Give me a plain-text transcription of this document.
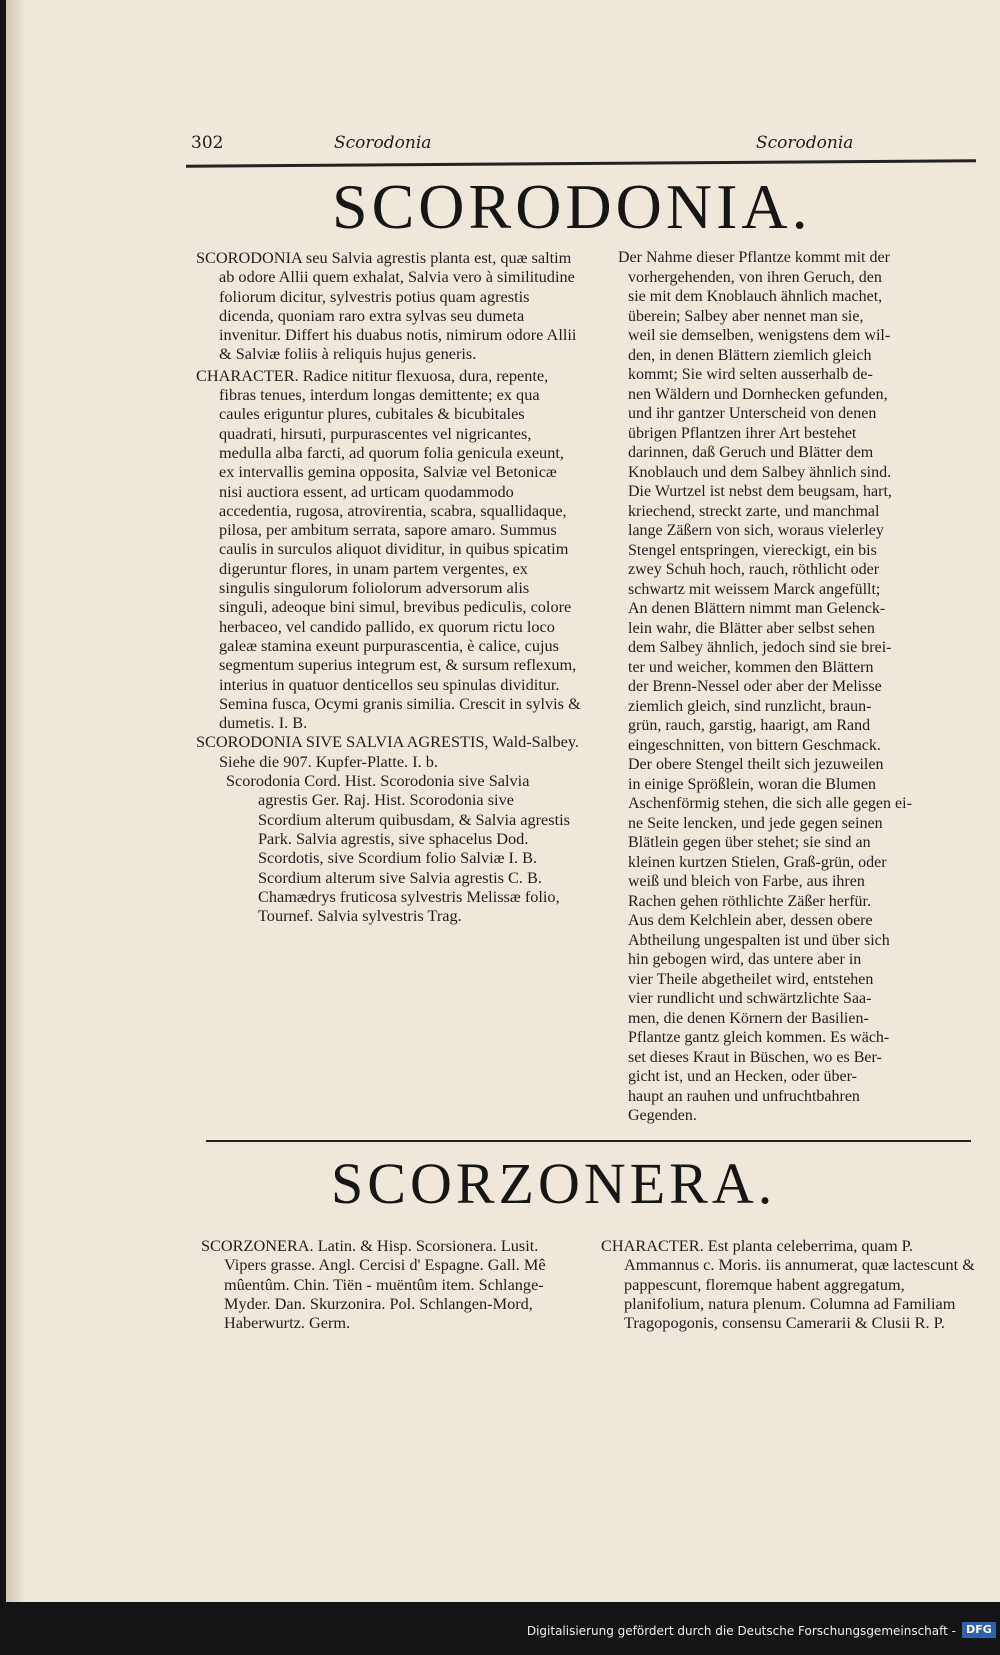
302	Scorodonia	Scorodonia
SCORODONIA.

SCORODONIA seu Salvia agrestis planta est, quæ saltim ab odore Allii quem exhalat, Salvia vero à similitudine foliorum dicitur, sylvestris potius quam agrestis dicenda, quoniam raro extra sylvas seu dumeta invenitur. Differt his duabus notis, nimirum odore Allii & Salviæ foliis à reliquis hujus generis.

CHARACTER. Radice nititur flexuosa, dura, repente, fibras tenues, interdum longas demittente; ex qua caules eriguntur plures, cubitales & bicubitales quadrati, hirsuti, purpurascentes vel nigricantes, medulla alba farcti, ad quorum folia genicula exeunt, ex intervallis gemina opposita, Salviæ vel Betonicæ nisi auctiora essent, ad urticam quodammodo accedentia, rugosa, atrovirentia, scabra, squallidaque, pilosa, per ambitum serrata, sapore amaro. Summus caulis in surculos aliquot dividitur, in quibus spicatim digeruntur flores, in unam partem vergentes, ex singulis singulorum foliolorum adversorum alis singuli, adeoque bini simul, brevibus pediculis, colore herbaceo, vel candido pallido, ex quorum rictu loco galeæ stamina exeunt purpurascentia, è calice, cujus segmentum superius integrum est, & sursum reflexum, interius in quatuor denticellos seu spinulas dividitur. Semina fusca, Ocymi granis similia. Crescit in sylvis & dumetis. I. B.

SCORODONIA SIVE SALVIA AGRESTIS, Wald-Salbey. Siehe die 907. Kupfer-Platte. I. b.

Scorodonia Cord. Hist. Scorodonia sive Salvia agrestis Ger. Raj. Hist. Scorodonia sive Scordium alterum quibusdam, & Salvia agrestis Park. Salvia agrestis, sive sphacelus Dod. Scordotis, sive Scordium folio Salviæ I. B. Scordium alterum sive Salvia agrestis C. B. Chamædrys fruticosa sylvestris Melissæ folio, Tournef. Salvia sylvestris Trag.

Der Nahme dieser Pflantze kommt mit der
vorhergehenden, von ihren Geruch, den
sie mit dem Knoblauch ähnlich machet,
überein; Salbey aber nennet man sie,
weil sie demselben, wenigstens dem wil-
den, in denen Blättern ziemlich gleich
kommt; Sie wird selten ausserhalb de-
nen Wäldern und Dornhecken gefunden,
und ihr gantzer Unterscheid von denen
übrigen Pflantzen ihrer Art bestehet
darinnen, daß Geruch und Blätter dem
Knoblauch und dem Salbey ähnlich sind.
Die Wurtzel ist nebst dem beugsam, hart,
kriechend, streckt zarte, und manchmal
lange Zäßern von sich, woraus vielerley
Stengel entspringen, viereckigt, ein bis
zwey Schuh hoch, rauch, röthlicht oder
schwartz mit weissem Marck angefüllt;
An denen Blättern nimmt man Gelenck-
lein wahr, die Blätter aber selbst sehen
dem Salbey ähnlich, jedoch sind sie brei-
ter und weicher, kommen den Blättern
der Brenn-Nessel oder aber der Melisse
ziemlich gleich, sind runzlicht, braun-
grün, rauch, garstig, haarigt, am Rand
eingeschnitten, von bittern Geschmack.
Der obere Stengel theilt sich jezuweilen
in einige Sprößlein, woran die Blumen
Aschenförmig stehen, die sich alle gegen ei-
ne Seite lencken, und jede gegen seinen
Blätlein gegen über stehet; sie sind an
kleinen kurtzen Stielen, Graß-grün, oder
weiß und bleich von Farbe, aus ihren
Rachen gehen röthlichte Zäßer herfür.
Aus dem Kelchlein aber, dessen obere
Abtheilung ungespalten ist und über sich
hin gebogen wird, das untere aber in
vier Theile abgetheilet wird, entstehen
vier rundlicht und schwärtzlichte Saa-
men, die denen Körnern der Basilien-
Pflantze gantz gleich kommen. Es wäch-
set dieses Kraut in Büschen, wo es Ber-
gicht ist, und an Hecken, oder über-
haupt an rauhen und unfruchtbahren
Gegenden.
SCORZONERA.

SCORZONERA. Latin. & Hisp. Scorsionera. Lusit. Vipers grasse. Angl. Cercisi d' Espagne. Gall. Mê mûentûm. Chin. Tiën - muëntûm item. Schlange-Myder. Dan. Skurzonira. Pol. Schlangen-Mord, Haberwurtz. Germ.

CHARACTER. Est planta celeberrima, quam P. Ammannus c. Moris. iis annumerat, quæ lactescunt & pappescunt, floremque habent aggregatum, planifolium, natura plenum. Columna ad Familiam Tragopogonis, consensu Camerarii & Clusii R. P.

Digitalisierung gefördert durch die Deutsche Forschungsgemeinschaft - DFG
